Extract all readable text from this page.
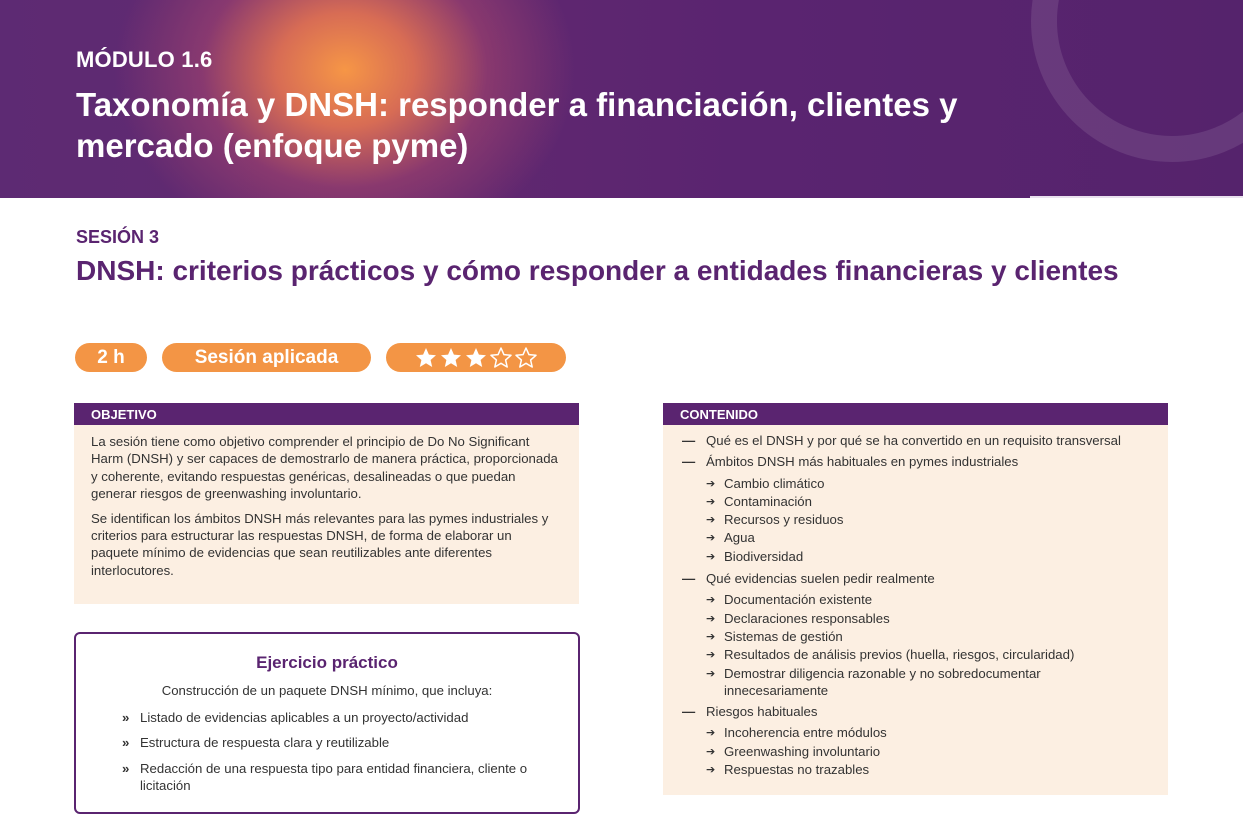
MÓDULO 1.6
Taxonomía y DNSH: responder a financiación, clientes y mercado (enfoque pyme)
SESIÓN 3
DNSH: criterios prácticos y cómo responder a entidades financieras y clientes
2 h	Sesión aplicada
OBJETIVO

La sesión tiene como objetivo comprender el principio de Do No Significant Harm (DNSH) y ser capaces de demostrarlo de manera práctica, proporcionada y coherente, evitando respuestas genéricas, desalineadas o que puedan generar riesgos de greenwashing involuntario.

Se identifican los ámbitos DNSH más relevantes para las pymes industriales y criterios para estructurar las respuestas DNSH, de forma de elaborar un paquete mínimo de evidencias que sean reutilizables ante diferentes interlocutores.

Ejercicio práctico
Construcción de un paquete DNSH mínimo, que incluya:
» Listado de evidencias aplicables a un proyecto/actividad
» Estructura de respuesta clara y reutilizable
» Redacción de una respuesta tipo para entidad financiera, cliente o licitación
CONTENIDO
— Qué es el DNSH y por qué se ha convertido en un requisito transversal
— Ámbitos DNSH más habituales en pymes industriales
➔ Cambio climático
➔ Contaminación
➔ Recursos y residuos
➔ Agua
➔ Biodiversidad
— Qué evidencias suelen pedir realmente
➔ Documentación existente
➔ Declaraciones responsables
➔ Sistemas de gestión
➔ Resultados de análisis previos (huella, riesgos, circularidad)
➔ Demostrar diligencia razonable y no sobredocumentar innecesariamente
— Riesgos habituales
➔ Incoherencia entre módulos
➔ Greenwashing involuntario
➔ Respuestas no trazables
